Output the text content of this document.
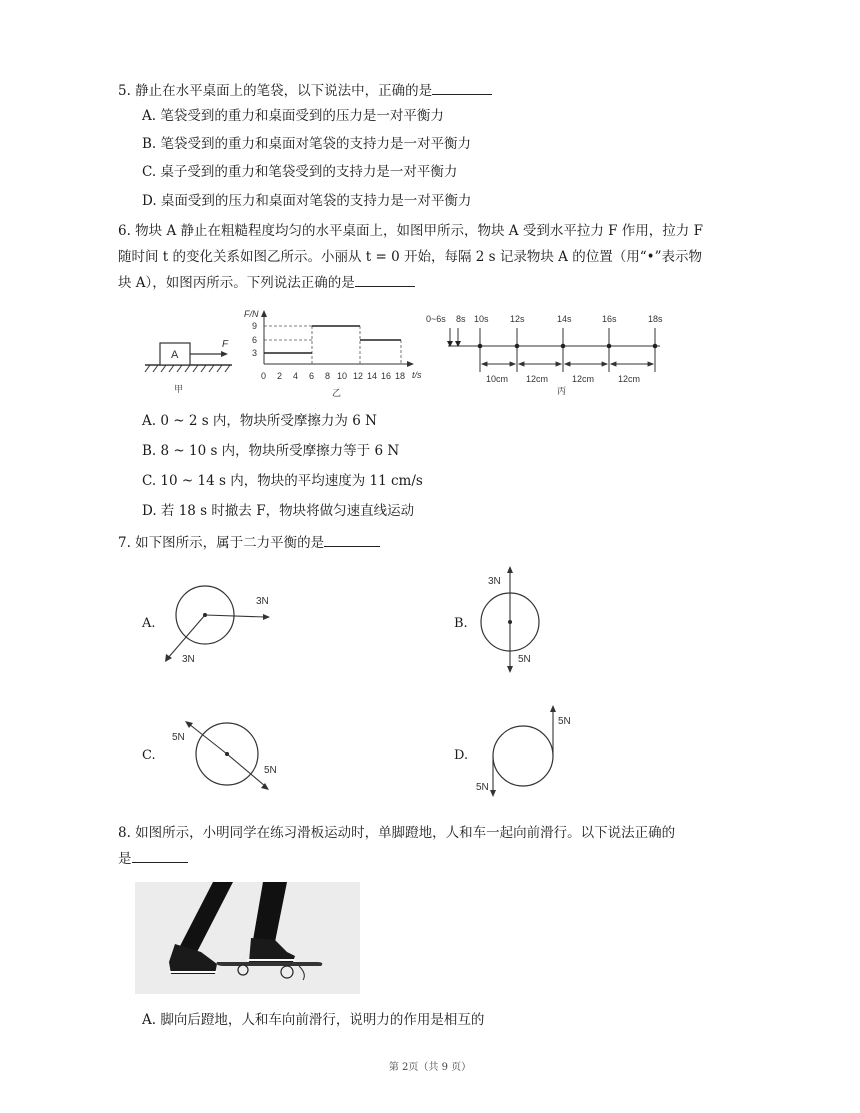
5. 静止在水平桌面上的笔袋，以下说法中，正确的是
A. 笔袋受到的重力和桌面受到的压力是一对平衡力
B. 笔袋受到的重力和桌面对笔袋的支持力是一对平衡力
C. 桌子受到的重力和笔袋受到的支持力是一对平衡力
D. 桌面受到的压力和桌面对笔袋的支持力是一对平衡力
6. 物块 A 静止在粗糙程度均匀的水平桌面上，如图甲所示，物块 A 受到水平拉力 F 作用，拉力 F
随时间 t 的变化关系如图乙所示。小丽从 t = 0 开始，每隔 2 s 记录物块 A 的位置（用“•”表示物
块 A），如图丙所示。下列说法正确的是
A
F
甲
F/N
9
6
3
0 2 4 6 8 10 12 14 16 18 t/s
乙
0~6s 8s 10s 12s	14s	16s	18s
10cm 12cm	12cm	12cm
丙
A. 0 ~ 2 s 内，物块所受摩擦力为 6 N
B. 8 ~ 10 s 内，物块所受摩擦力等于 6 N
C. 10 ~ 14 s 内，物块的平均速度为 11 cm/s
D. 若 18 s 时撤去 F，物块将做匀速直线运动
7. 如下图所示，属于二力平衡的是
A.
3N
3N
B.
3N
5N
C.
5N
5N
D.
5N
5N
8. 如图所示，小明同学在练习滑板运动时，单脚蹬地，人和车一起向前滑行。以下说法正确的
是
A. 脚向后蹬地，人和车向前滑行，说明力的作用是相互的
第 2页（共 9 页）
